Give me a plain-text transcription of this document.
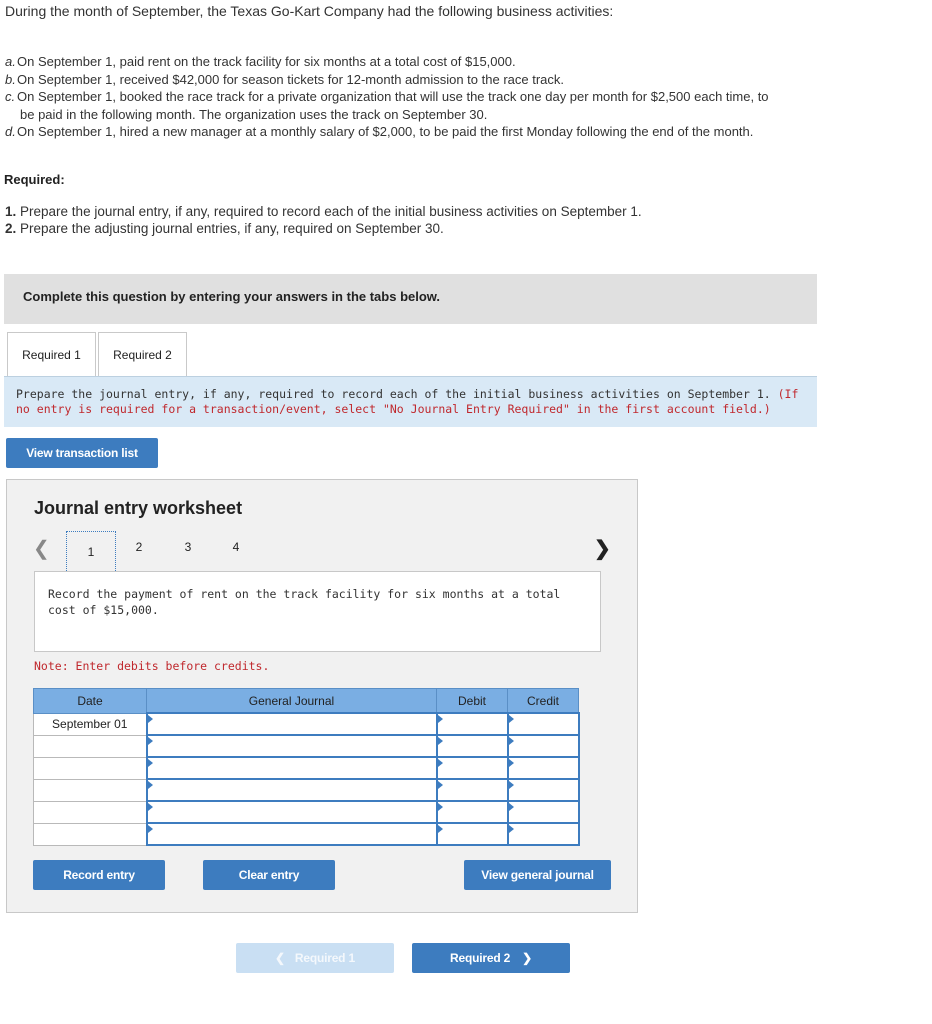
During the month of September, the Texas Go-Kart Company had the following business activities:
a. On September 1, paid rent on the track facility for six months at a total cost of $15,000.
b. On September 1, received $42,000 for season tickets for 12-month admission to the race track.
c. On September 1, booked the race track for a private organization that will use the track one day per month for $2,500 each time, to
be paid in the following month. The organization uses the track on September 30.
d. On September 1, hired a new manager at a monthly salary of $2,000, to be paid the first Monday following the end of the month.
Required:
1. Prepare the journal entry, if any, required to record each of the initial business activities on September 1.
2. Prepare the adjusting journal entries, if any, required on September 30.
Complete this question by entering your answers in the tabs below.
Required 1	Required 2
Prepare the journal entry, if any, required to record each of the initial business activities on September 1. (If no entry is required for a transaction/event, select "No Journal Entry Required" in the first account field.)
View transaction list
Journal entry worksheet
❮	1	2	3	4	❯
Record the payment of rent on the track facility for six months at a total cost of $15,000.
Note: Enter debits before credits.
Date	General Journal	Debit	Credit
September 01			

Record entry	Clear entry	View general journal
❮ Required 1	Required 2 ❯
